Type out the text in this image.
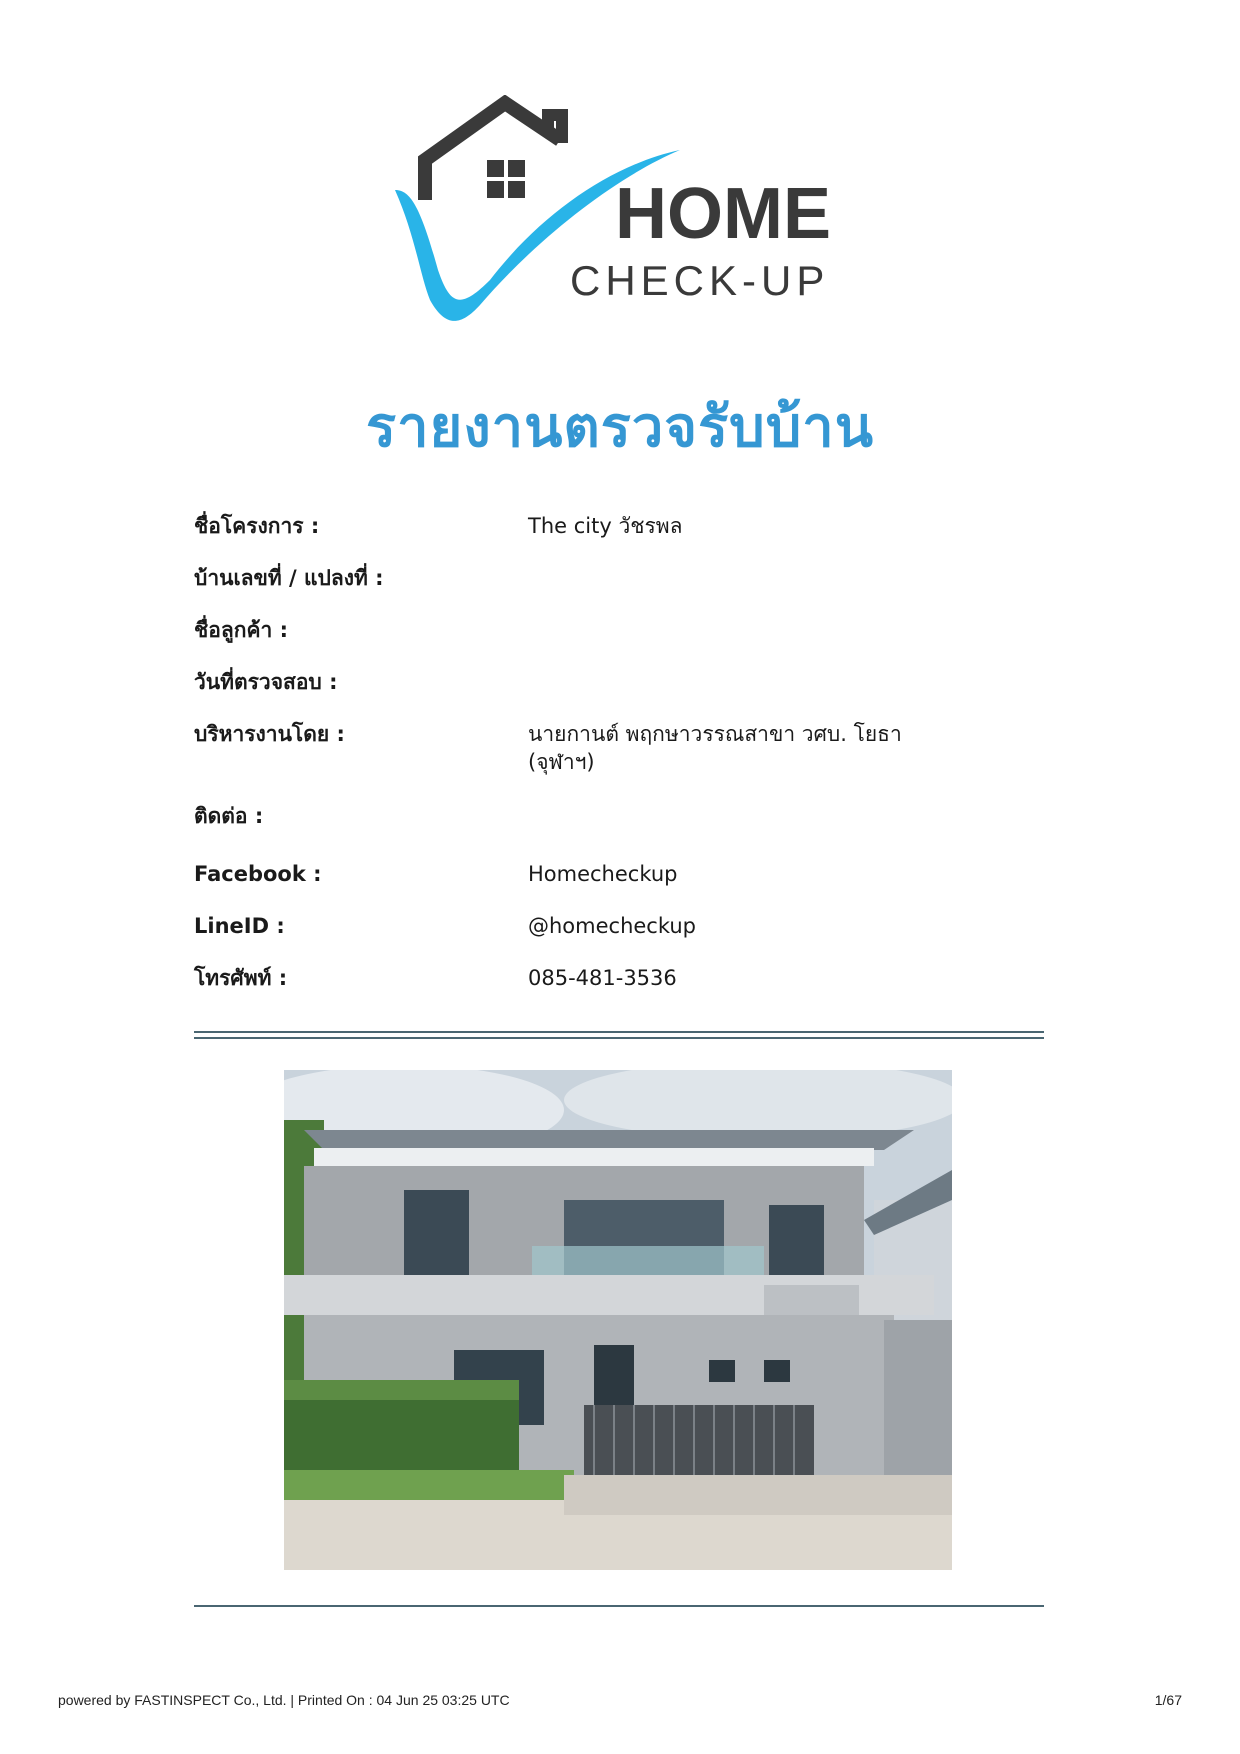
HOME
CHECK-UP
รายงานตรวจรับบ้าน
ชื่อโครงการ :	The city วัชรพล
บ้านเลขที่ / แปลงที่ :
ชื่อลูกค้า :
วันที่ตรวจสอบ :
บริหารงานโดย :	นายกานต์ พฤกษาวรรณสาขา วศบ. โยธา (จุฬาฯ)
ติดต่อ :
Facebook :	Homecheckup
LineID :	@homecheckup
โทรศัพท์ :	085-481-3536
powered by FASTINSPECT Co., Ltd. | Printed On : 04 Jun 25 03:25 UTC	1/67
